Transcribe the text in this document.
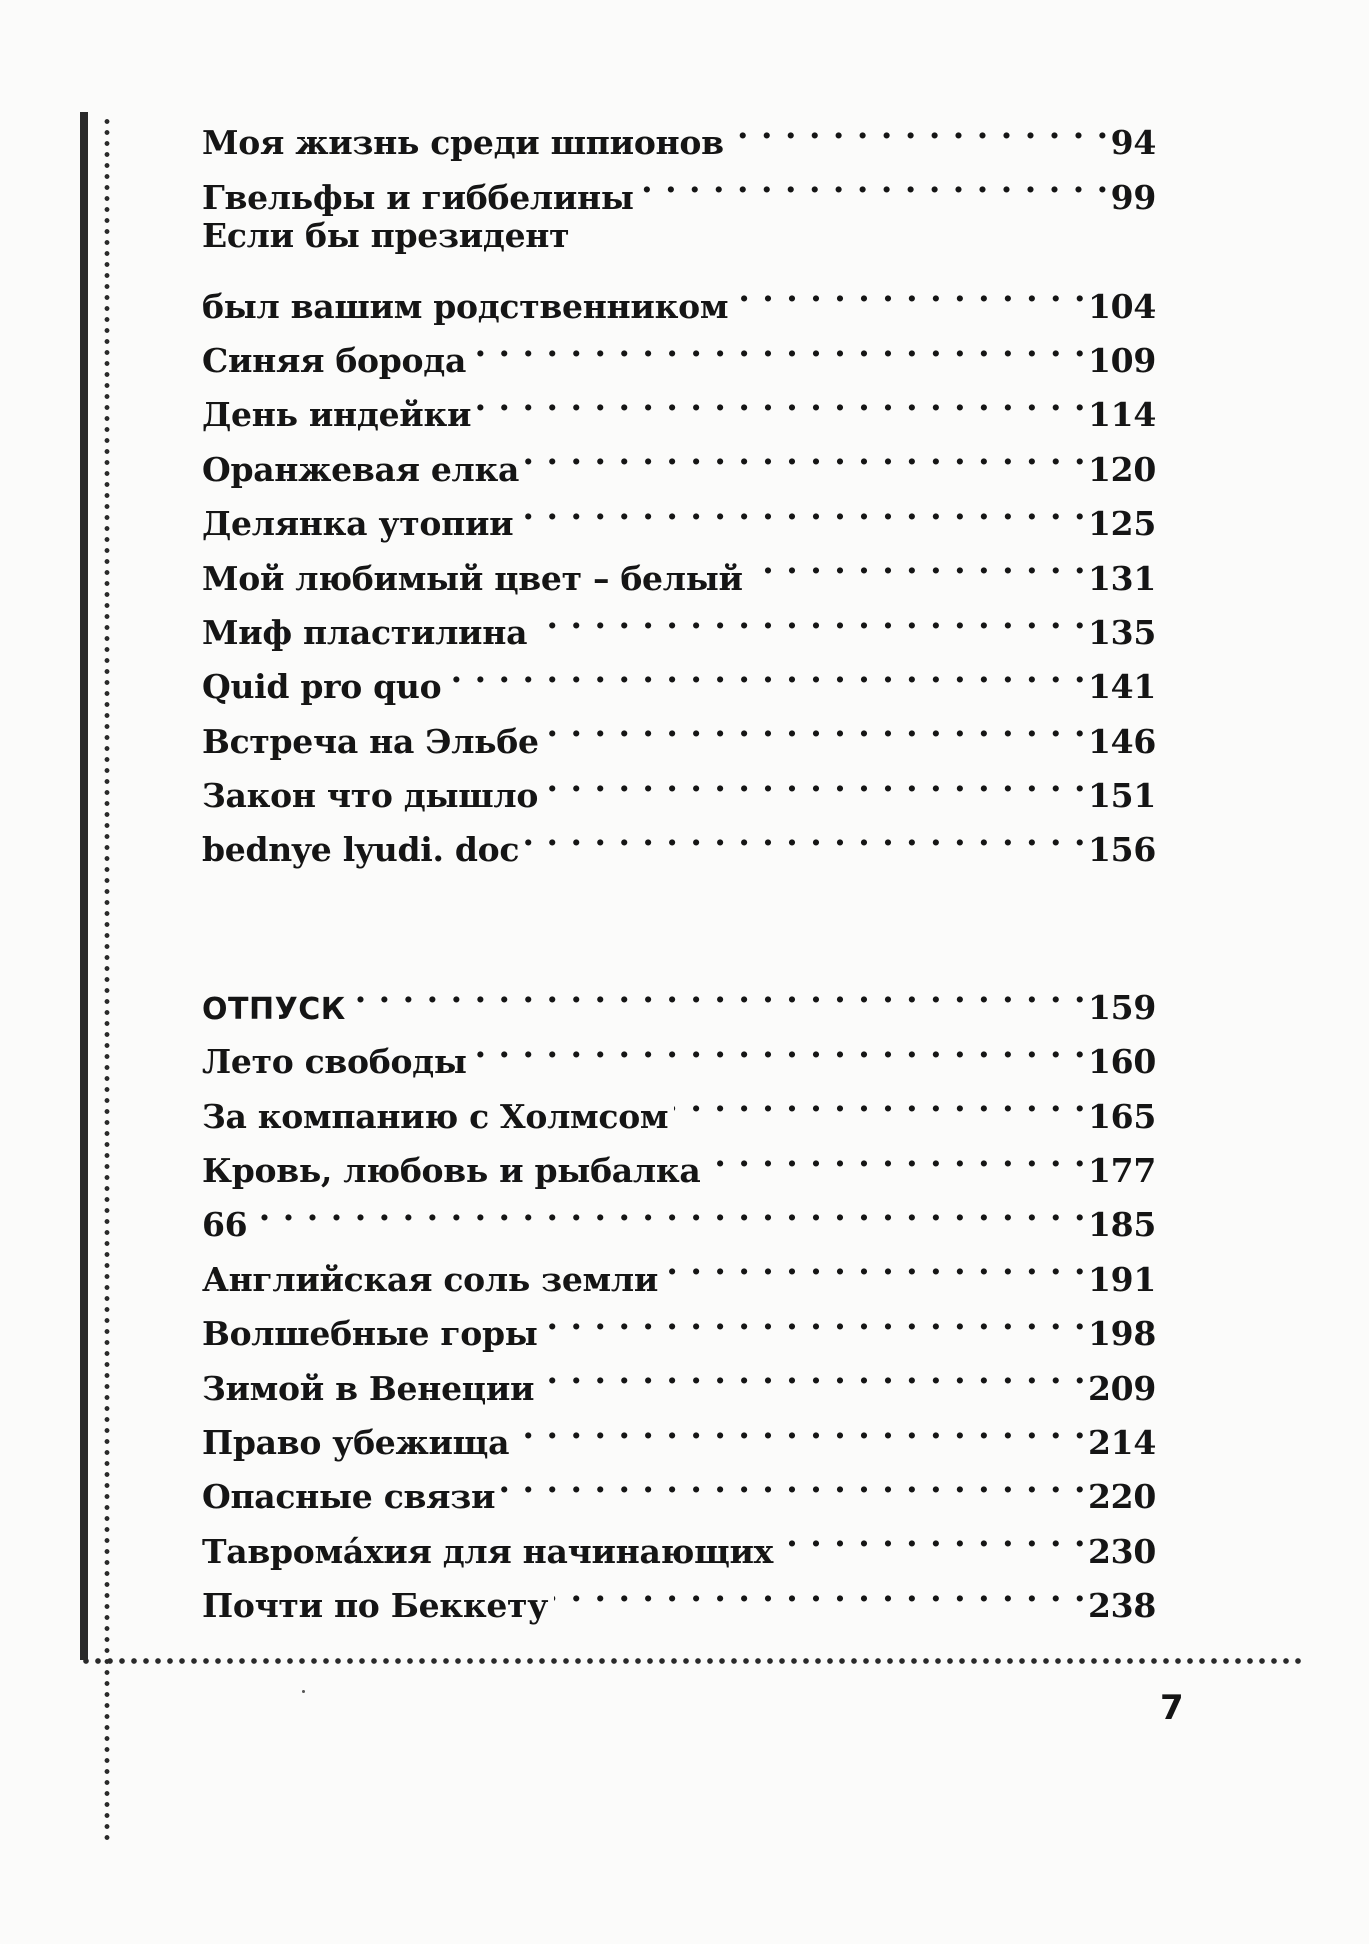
Моя жизнь среди шпионов . . .	94
Гвельфы и гиббелины . . .	99
Если бы президент
был вашим родственником . . .	104
Синяя борода . . .	109
День индейки . . .	114
Оранжевая елка . . .	120
Делянка утопии . . .	125
Мой любимый цвет – белый . . .	131
Миф пластилина . . .	135
Quid pro quo . . .	141
Встреча на Эльбе . . .	146
Закон что дышло . . .	151
bednye lyudi. doc . . .	156
ОТПУСК . . .	159
Лето свободы . . .	160
За компанию с Холмсом . . .	165
Кровь, любовь и рыбалка . . .	177
66 . . .	185
Английская соль земли . . .	191
Волшебные горы . . .	198
Зимой в Венеции . . .	209
Право убежища . . .	214
Опасные связи . . .	220
Тавромáхия для начинающих . . .	230
Почти по Беккету . . .	238
7
